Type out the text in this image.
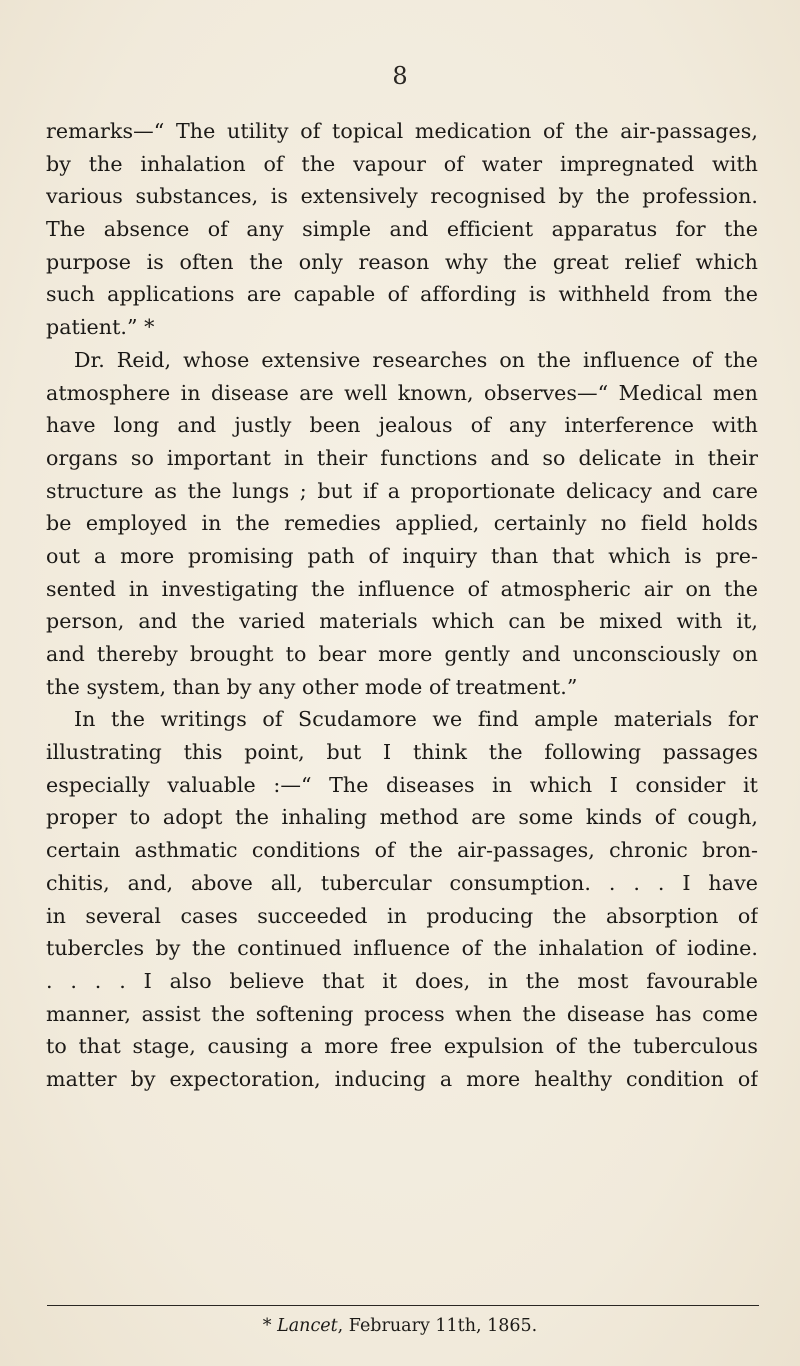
8
remarks—“ The utility of topical medication of the air-passages,
by the inhalation of the vapour of water impregnated with
various substances, is extensively recognised by the profession.
The absence of any simple and efficient apparatus for the
purpose is often the only reason why the great relief which
such applications are capable of affording is withheld from the
patient.” *
Dr. Reid, whose extensive researches on the influence of the
atmosphere in disease are well known, observes—“ Medical men
have long and justly been jealous of any interference with
organs so important in their functions and so delicate in their
structure as the lungs ; but if a proportionate delicacy and care
be employed in the remedies applied, certainly no field holds
out a more promising path of inquiry than that which is pre-
sented in investigating the influence of atmospheric air on the
person, and the varied materials which can be mixed with it,
and thereby brought to bear more gently and unconsciously on
the system, than by any other mode of treatment.”
In the writings of Scudamore we find ample materials for
illustrating this point, but I think the following passages
especially valuable :—“ The diseases in which I consider it
proper to adopt the inhaling method are some kinds of cough,
certain asthmatic conditions of the air-passages, chronic bron-
chitis, and, above all, tubercular consumption. . . . I have
in several cases succeeded in producing the absorption of
tubercles by the continued influence of the inhalation of iodine.
. . . . I also believe that it does, in the most favourable
manner, assist the softening process when the disease has come
to that stage, causing a more free expulsion of the tuberculous
matter by expectoration, inducing a more healthy condition of
* Lancet, February 11th, 1865.
